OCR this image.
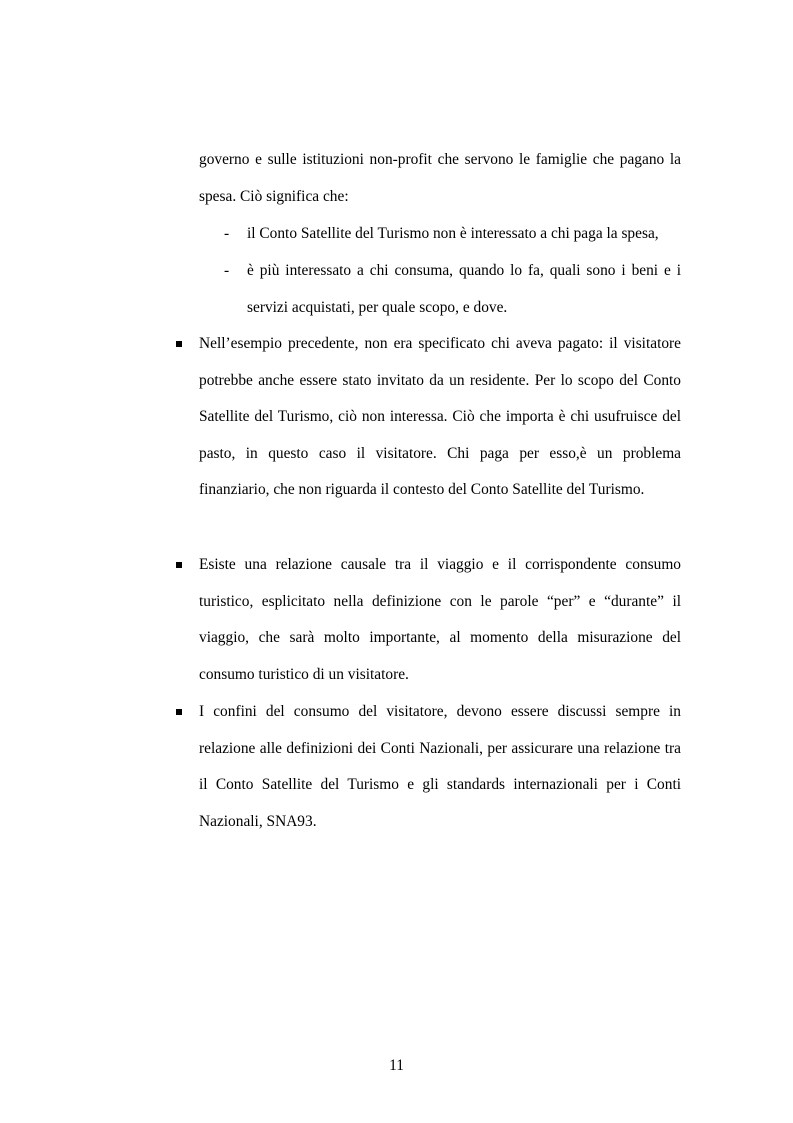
governo e sulle istituzioni non-profit che servono le famiglie che pagano la spesa. Ciò significa che:

-	il Conto Satellite del Turismo non è interessato a chi paga la spesa,
-	è più interessato a chi consuma, quando lo fa, quali sono i beni e i servizi acquistati, per quale scopo, e dove.

Nell’esempio precedente, non era specificato chi aveva pagato: il visitatore potrebbe anche essere stato invitato da un residente. Per lo scopo del Conto Satellite del Turismo, ciò non interessa. Ciò che importa è chi usufruisce del pasto, in questo caso il visitatore. Chi paga per esso,è un problema finanziario, che non riguarda il contesto del Conto Satellite del Turismo.

Esiste una relazione causale tra il viaggio e il corrispondente consumo turistico, esplicitato nella definizione con le parole “per” e “durante” il viaggio, che sarà molto importante, al momento della misurazione del consumo turistico di un visitatore.

I confini del consumo del visitatore, devono essere discussi sempre in relazione alle definizioni dei Conti Nazionali, per assicurare una relazione tra il Conto Satellite del Turismo e gli standards internazionali per i Conti Nazionali, SNA93.

11
